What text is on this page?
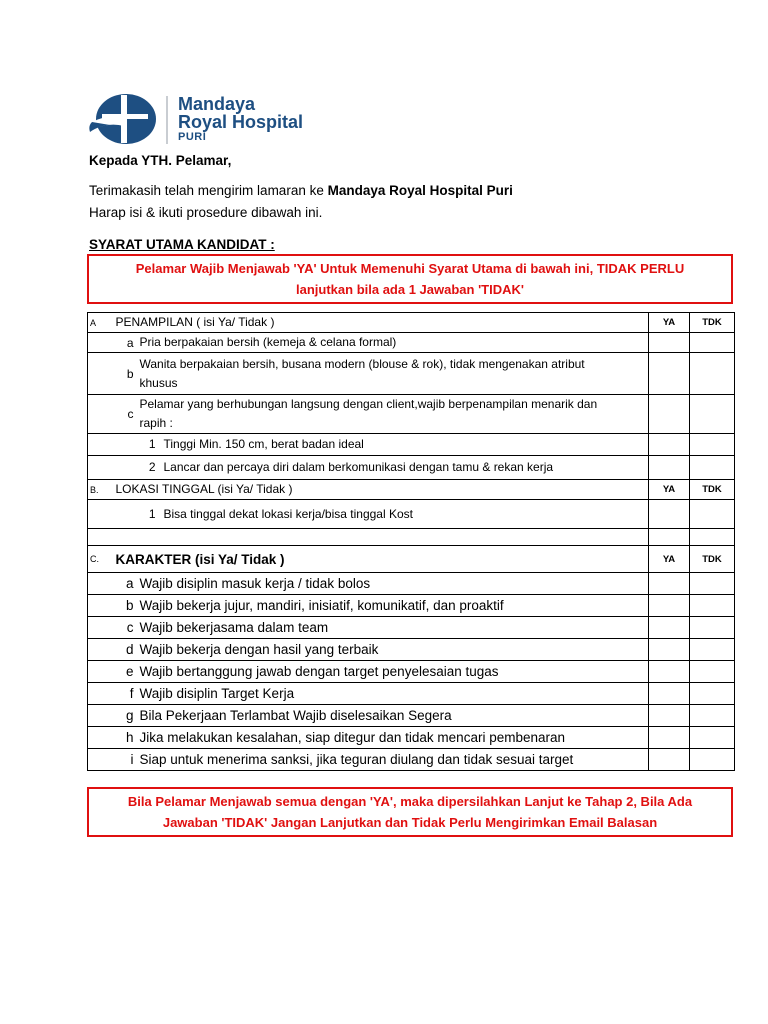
Mandaya
Royal Hospital
PURI
Kepada YTH. Pelamar,
Terimakasih telah mengirim lamaran ke Mandaya Royal Hospital Puri
Harap isi & ikuti prosedure dibawah ini.
SYARAT UTAMA KANDIDAT :
Pelamar Wajib Menjawab 'YA' Untuk Memenuhi Syarat Utama di bawah ini, TIDAK PERLU
lanjutkan bila ada 1 Jawaban 'TIDAK'
A	PENAMPILAN ( isi Ya/ Tidak )		YA	TDK
	a	Pria berpakaian bersih (kemeja & celana formal)		
	b	Wanita berpakaian bersih, busana modern (blouse & rok), tidak mengenakan atribut
khusus		

	c	Pelamar yang berhubungan langsung dengan client,wajib berpenampilan menarik dan
rapih :		

		1 Tinggi Min. 150 cm, berat badan ideal		
		2 Lancar dan percaya diri dalam berkomunikasi dengan tamu & rekan kerja		
B.	LOKASI TINGGAL (isi Ya/ Tidak )		YA	TDK
		1 Bisa tinggal dekat lokasi kerja/bisa tinggal Kost		

C.	KARAKTER (isi Ya/ Tidak )		YA	TDK
	a	Wajib disiplin masuk kerja / tidak bolos		
	b	Wajib bekerja jujur, mandiri, inisiatif, komunikatif, dan proaktif		
	c	Wajib bekerjasama dalam team		
	d	Wajib bekerja dengan hasil yang terbaik		
	e	Wajib bertanggung jawab dengan target penyelesaian tugas		
	f	Wajib disiplin Target Kerja		
	g	Bila Pekerjaan Terlambat Wajib diselesaikan Segera		
	h	Jika melakukan kesalahan, siap ditegur dan tidak mencari pembenaran		
	i	Siap untuk menerima sanksi, jika teguran diulang dan tidak sesuai target		
Bila Pelamar Menjawab semua dengan 'YA', maka dipersilahkan Lanjut ke Tahap 2, Bila Ada
Jawaban 'TIDAK' Jangan Lanjutkan dan Tidak Perlu Mengirimkan Email Balasan
